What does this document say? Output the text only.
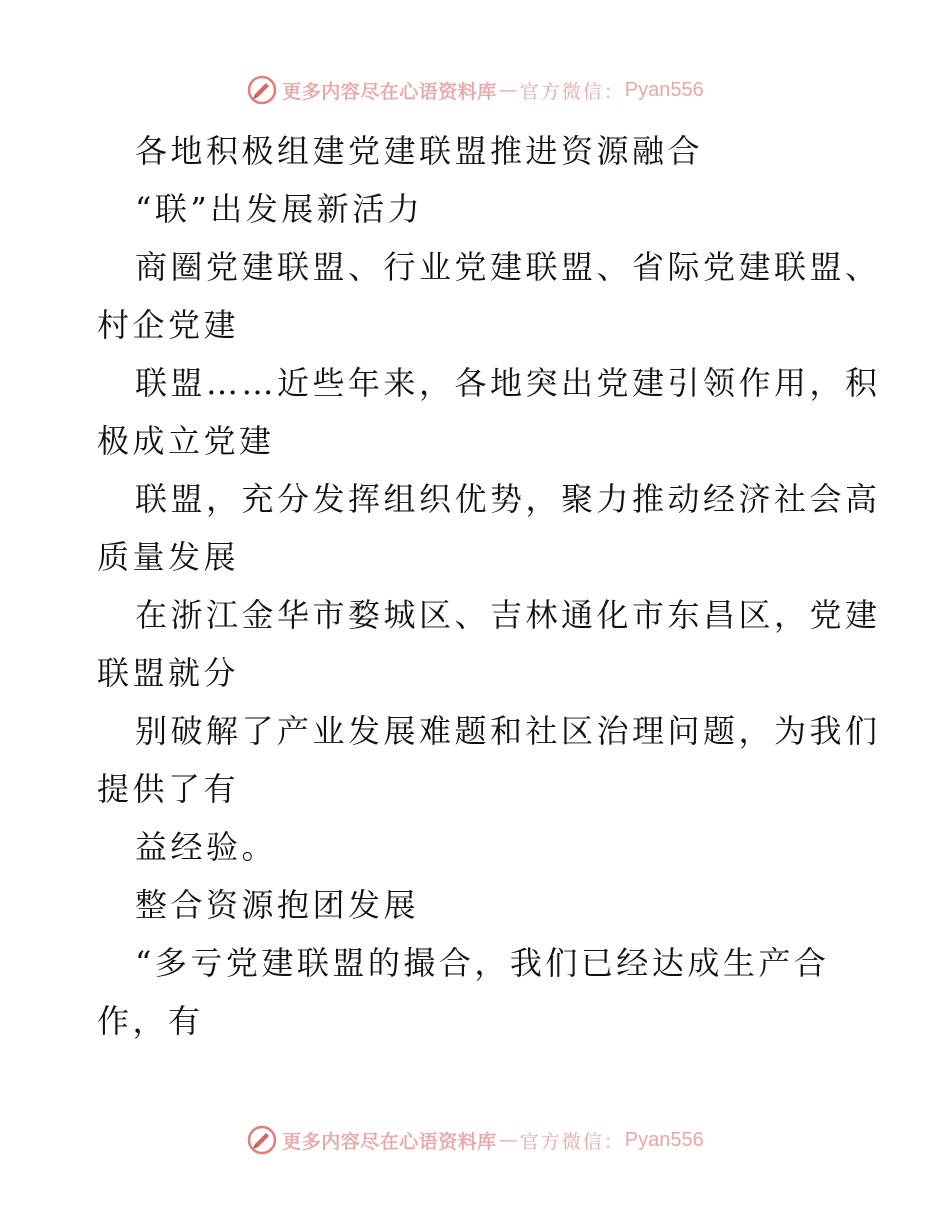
更多内容尽在心语资料库 — 官方微信： Pyan556
各地积极组建党建联盟推进资源融合
“联”出发展新活力
商圈党建联盟、行业党建联盟、省际党建联盟、
村企党建
联盟……近些年来，各地突出党建引领作用，积
极成立党建
联盟，充分发挥组织优势，聚力推动经济社会高
质量发展
在浙江金华市婺城区、吉林通化市东昌区，党建
联盟就分
别破解了产业发展难题和社区治理问题，为我们
提供了有
益经验。
整合资源抱团发展
“多亏党建联盟的撮合，我们已经达成生产合
作，有
更多内容尽在心语资料库 — 官方微信： Pyan556
